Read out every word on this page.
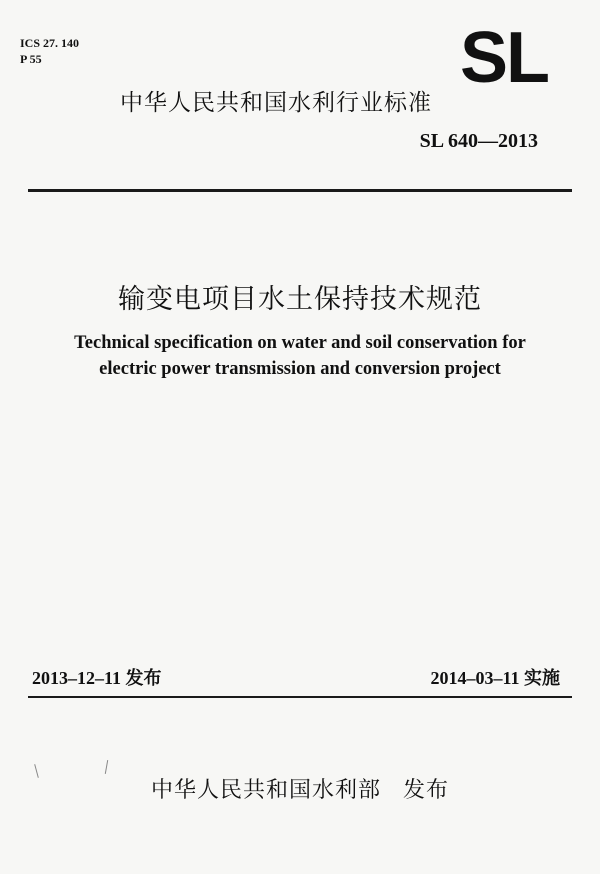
ICS 27. 140
P 55	SL
中华人民共和国水利行业标准
SL 640—2013
输变电项目水土保持技术规范
Technical specification on water and soil conservation for
electric power transmission and conversion project
2013–12–11 发布	2014–03–11 实施
中华人民共和国水利部 发布
